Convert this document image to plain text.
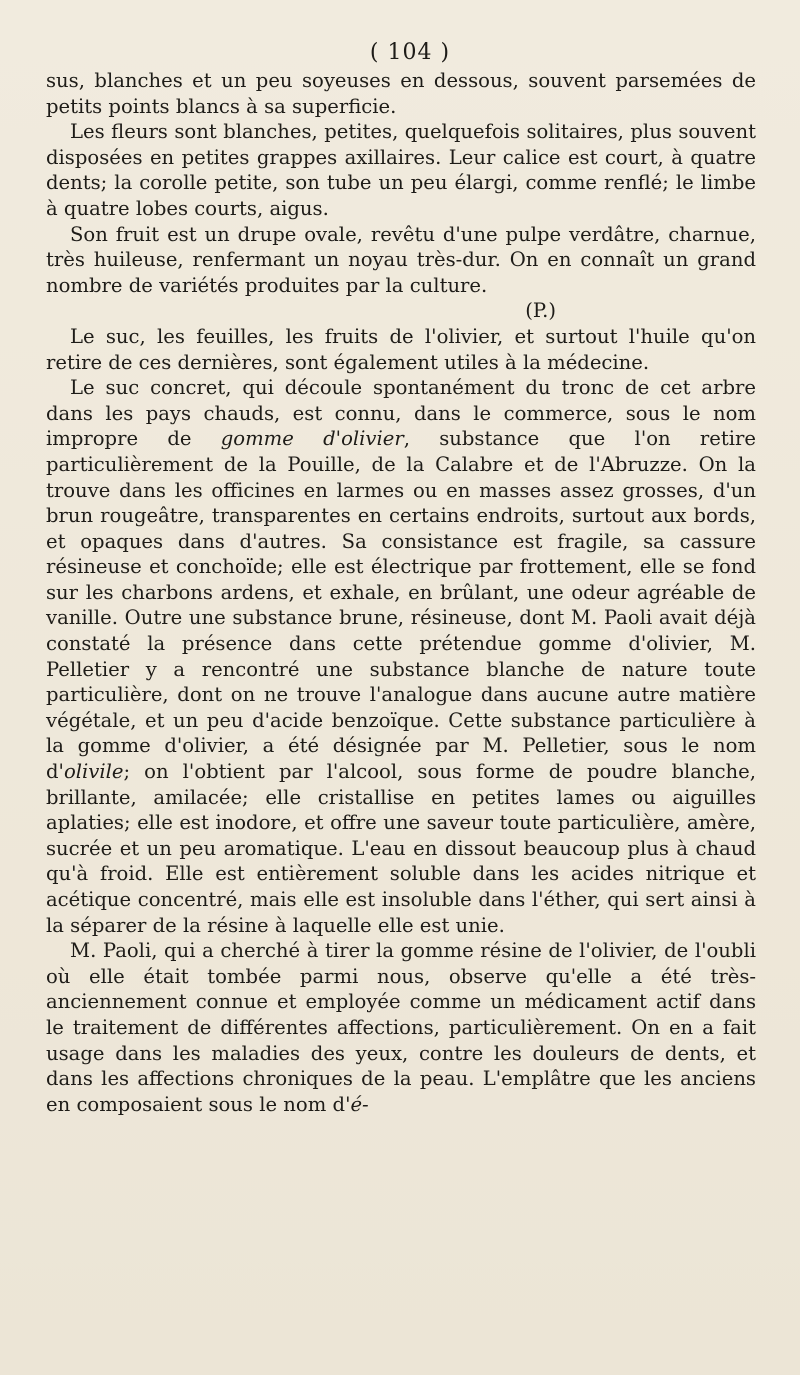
( 104 )

sus, blanches et un peu soyeuses en dessous, souvent parsemées de petits points blancs à sa superficie.

Les fleurs sont blanches, petites, quelquefois solitaires, plus souvent disposées en petites grappes axillaires. Leur calice est court, à quatre dents; la corolle petite, son tube un peu élargi, comme renflé; le limbe à quatre lobes courts, aigus.

Son fruit est un drupe ovale, revêtu d'une pulpe verdâtre, charnue, très huileuse, renfermant un noyau très-dur. On en connaît un grand nombre de variétés produites par la culture.

(P.)

Le suc, les feuilles, les fruits de l'olivier, et surtout l'huile qu'on retire de ces dernières, sont également utiles à la médecine.

Le suc concret, qui découle spontanément du tronc de cet arbre dans les pays chauds, est connu, dans le commerce, sous le nom impropre de gomme d'olivier, substance que l'on retire particulièrement de la Pouille, de la Calabre et de l'Abruzze. On la trouve dans les officines en larmes ou en masses assez grosses, d'un brun rougeâtre, transparentes en certains endroits, surtout aux bords, et opaques dans d'autres. Sa consistance est fragile, sa cassure résineuse et conchoïde; elle est électrique par frottement, elle se fond sur les charbons ardens, et exhale, en brûlant, une odeur agréable de vanille. Outre une substance brune, résineuse, dont M. Paoli avait déjà constaté la présence dans cette prétendue gomme d'olivier, M. Pelletier y a rencontré une substance blanche de nature toute particulière, dont on ne trouve l'analogue dans aucune autre matière végétale, et un peu d'acide benzoïque. Cette substance particulière à la gomme d'olivier, a été désignée par M. Pelletier, sous le nom d'olivile; on l'obtient par l'alcool, sous forme de poudre blanche, brillante, amilacée; elle cristallise en petites lames ou aiguilles aplaties; elle est inodore, et offre une saveur toute particulière, amère, sucrée et un peu aromatique. L'eau en dissout beaucoup plus à chaud qu'à froid. Elle est entièrement soluble dans les acides nitrique et acétique concentré, mais elle est insoluble dans l'éther, qui sert ainsi à la séparer de la résine à laquelle elle est unie.

M. Paoli, qui a cherché à tirer la gomme résine de l'olivier, de l'oubli où elle était tombée parmi nous, observe qu'elle a été très-anciennement connue et employée comme un médicament actif dans le traitement de différentes affections, particulièrement. On en a fait usage dans les maladies des yeux, contre les douleurs de dents, et dans les affections chroniques de la peau. L'emplâtre que les anciens en composaient sous le nom d'é-
